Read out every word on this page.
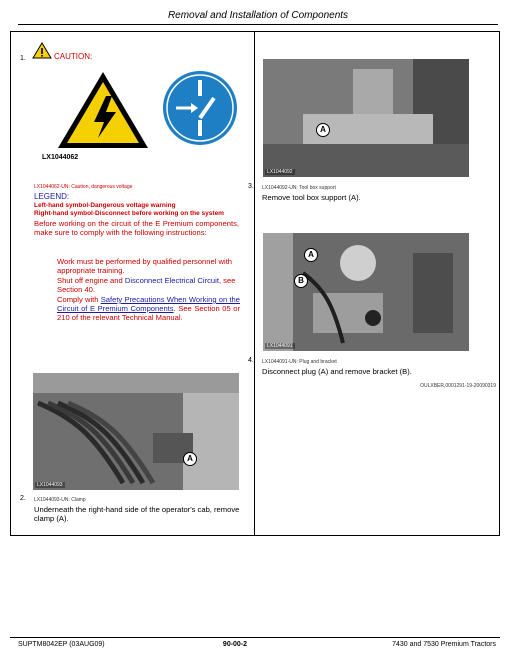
Removal and Installation of Components
1.	CAUTION:
LX1044062
LX1044062-UN: Caution, dangerous voltage
LEGEND:
Left-hand symbol-Dangerous voltage warning
Right-hand symbol-Disconnect before working on the system
Before working on the circuit of the E Premium components, make sure to comply with the following instructions:
Work must be performed by qualified personnel with appropriate training.
Shut off engine and Disconnect Electrical Circuit, see Section 40.
Comply with Safety Precautions When Working on the Circuit of E Premium Components. See Section 05 or 210 of the relevant Technical Manual.
A
LX1044093
2. LX1044093-UN: Clamp
Underneath the right-hand side of the operator's cab, remove clamp (A).
A
LX1044092
3. LX1044092-UN: Tool box support
Remove tool box support (A).
A
B
LX1044091
4. LX1044091-UN: Plug and bracket
Disconnect plug (A) and remove bracket (B).
OULXBER,0001291-19-20090319
SUPTM8042EP (03AUG09)	90-00-2	7430 and 7530 Premium Tractors
